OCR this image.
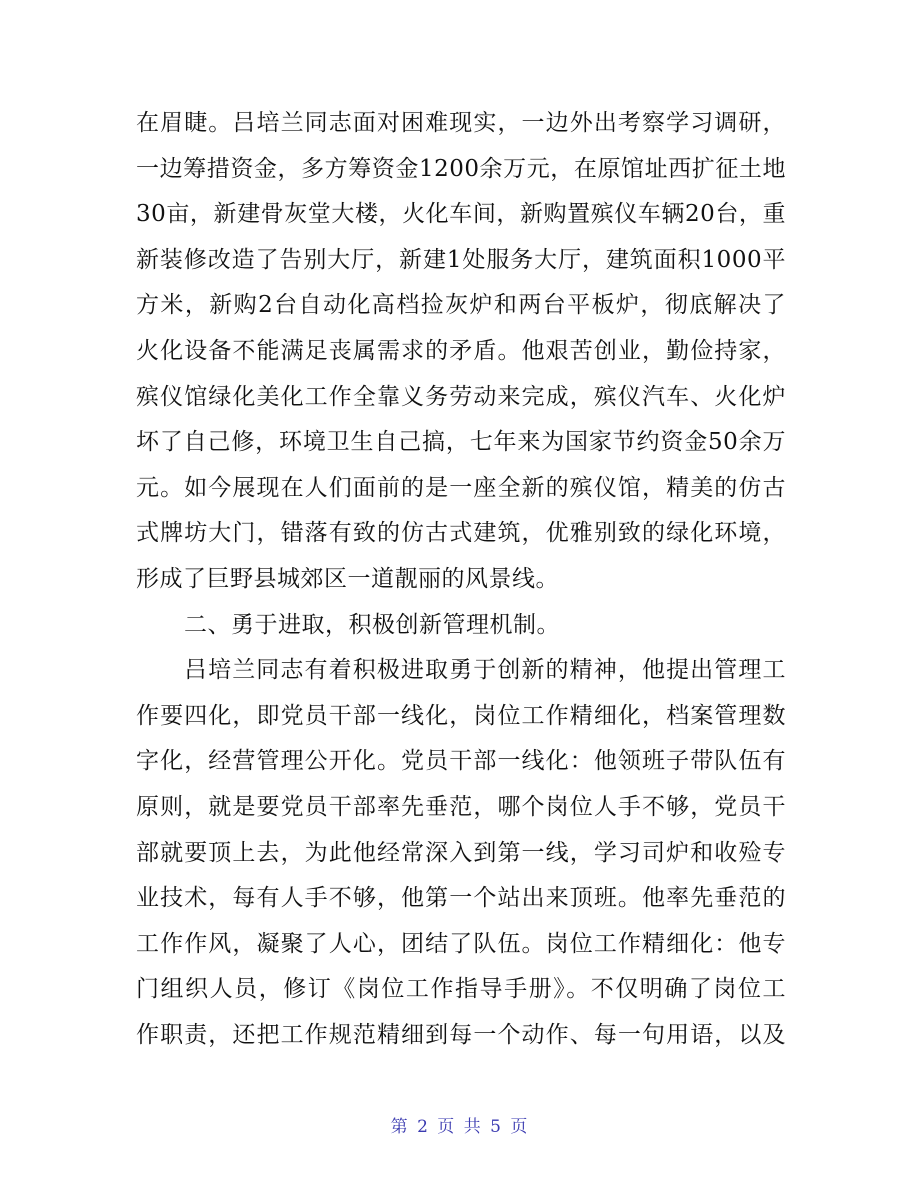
在眉睫。吕培兰同志面对困难现实，一边外出考察学习调研，
一边筹措资金，多方筹资金1200余万元，在原馆址西扩征土地
30亩，新建骨灰堂大楼，火化车间，新购置殡仪车辆20台，重
新装修改造了告别大厅，新建1处服务大厅，建筑面积1000平
方米，新购2台自动化高档捡灰炉和两台平板炉，彻底解决了
火化设备不能满足丧属需求的矛盾。他艰苦创业，勤俭持家，
殡仪馆绿化美化工作全靠义务劳动来完成，殡仪汽车、火化炉
坏了自己修，环境卫生自己搞，七年来为国家节约资金50余万
元。如今展现在人们面前的是一座全新的殡仪馆，精美的仿古
式牌坊大门，错落有致的仿古式建筑，优雅别致的绿化环境，
形成了巨野县城郊区一道靓丽的风景线。
二、勇于进取，积极创新管理机制。
吕培兰同志有着积极进取勇于创新的精神，他提出管理工
作要四化，即党员干部一线化，岗位工作精细化，档案管理数
字化，经营管理公开化。党员干部一线化：他领班子带队伍有
原则，就是要党员干部率先垂范，哪个岗位人手不够，党员干
部就要顶上去，为此他经常深入到第一线，学习司炉和收殓专
业技术，每有人手不够，他第一个站出来顶班。他率先垂范的
工作作风，凝聚了人心，团结了队伍。岗位工作精细化：他专
门组织人员，修订《岗位工作指导手册》。不仅明确了岗位工
作职责，还把工作规范精细到每一个动作、每一句用语，以及
第 2 页 共 5 页
